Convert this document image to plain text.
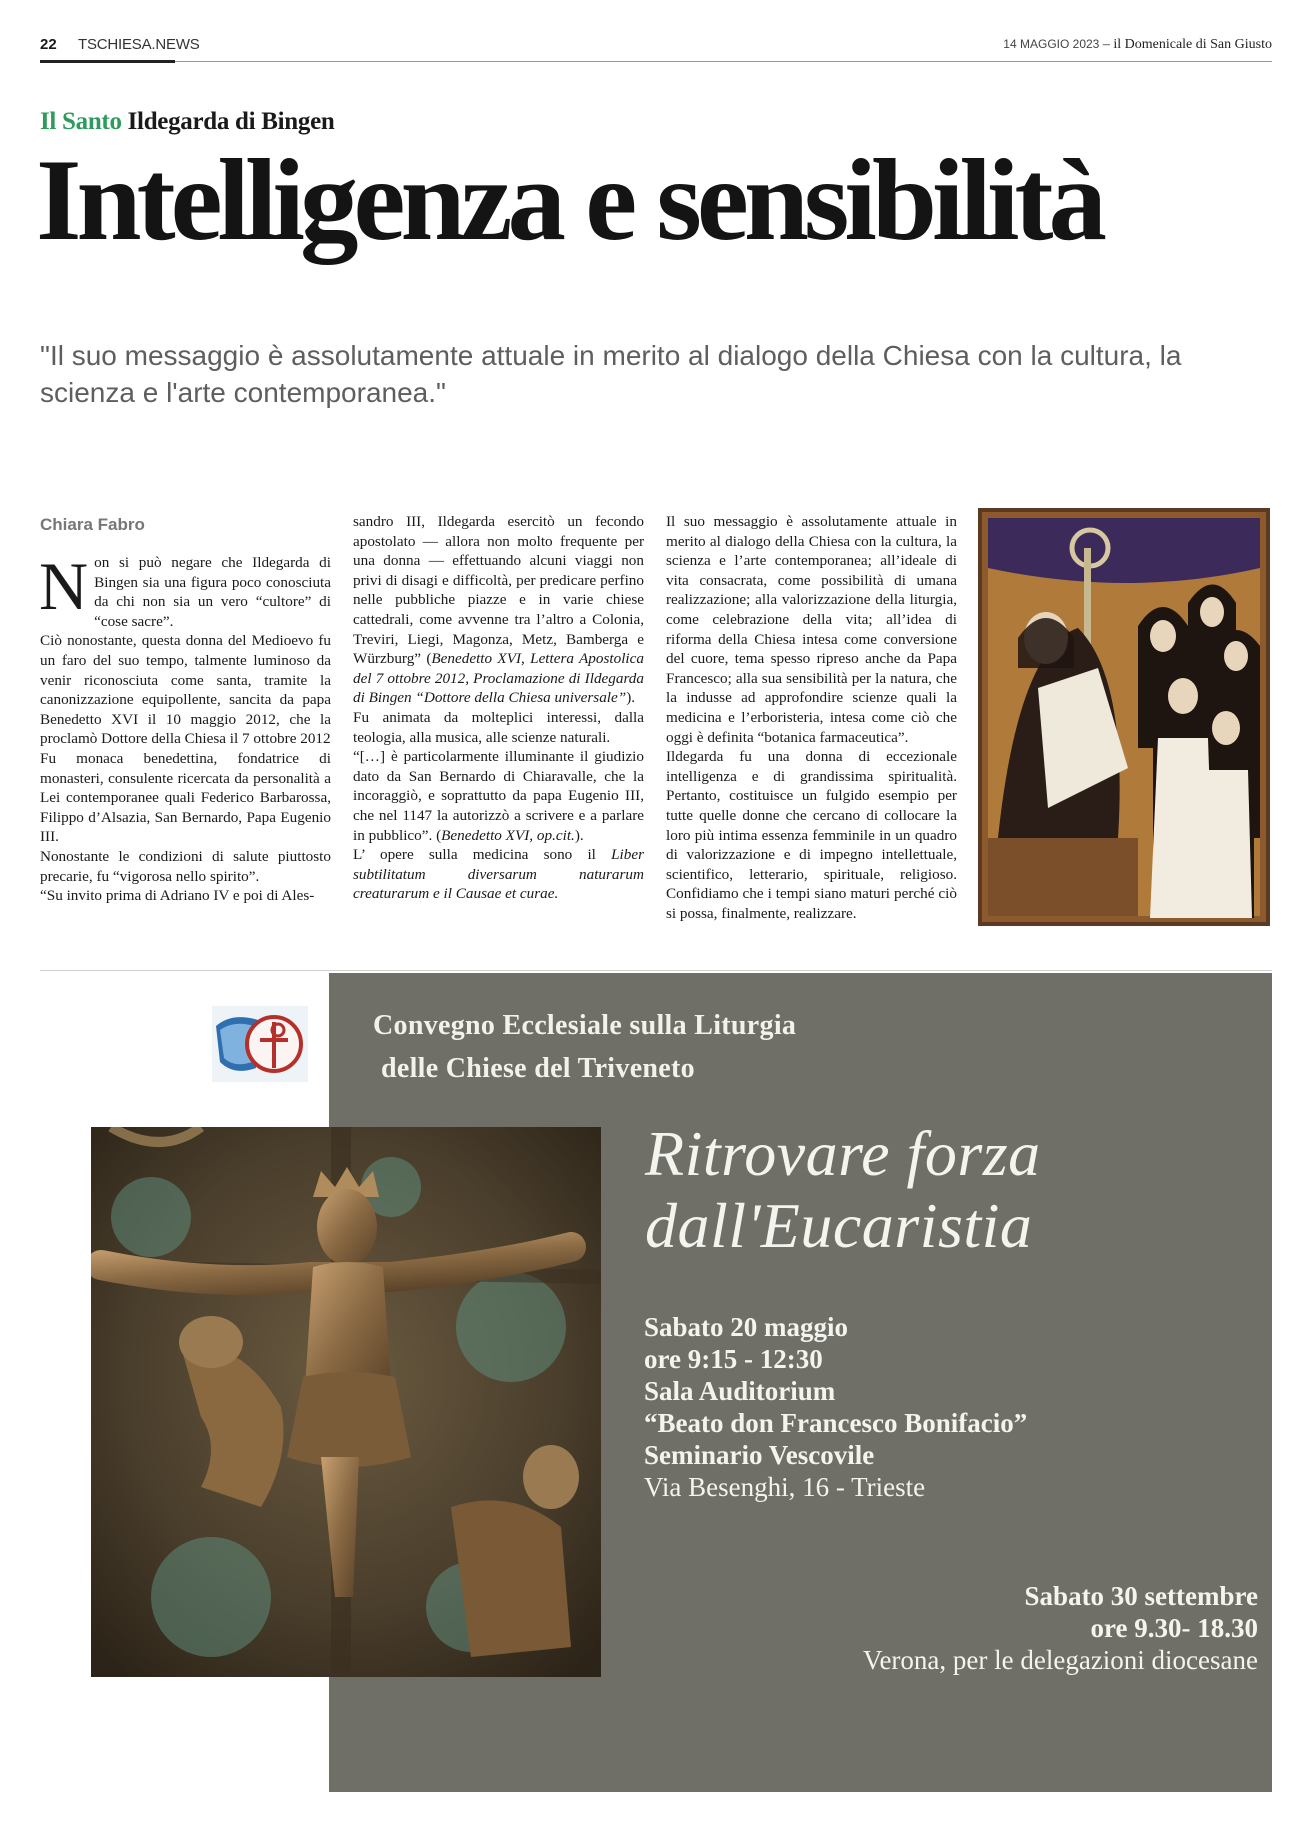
22 TSCHIESA.NEWS	14 MAGGIO 2023 – il Domenicale di San Giusto
Il Santo Ildegarda di Bingen
Intelligenza e sensibilità
"Il suo messaggio è assolutamente attuale in merito al dialogo della Chiesa con la cultura, la scienza e l'arte contemporanea."
Chiara Fabro

Non si può negare che Ildegarda di Bingen sia una figura poco conosciuta da chi non sia un vero “cultore” di “cose sacre”.

Ciò nonostante, questa donna del Medioevo fu un faro del suo tempo, talmente luminoso da venir riconosciuta come santa, tramite la canonizzazione equipollente, sancita da papa Benedetto XVI il 10 maggio 2012, che la proclamò Dottore della Chiesa il 7 ottobre 2012

Fu monaca benedettina, fondatrice di monasteri, consulente ricercata da personalità a Lei contemporanee quali Federico Barbarossa, Filippo d’Alsazia, San Bernardo, Papa Eugenio III.

Nonostante le condizioni di salute piuttosto precarie, fu “vigorosa nello spirito”.

“Su invito prima di Adriano IV e poi di Ales-

sandro III, Ildegarda esercitò un fecondo apostolato — allora non molto frequente per una donna — effettuando alcuni viaggi non privi di disagi e difficoltà, per predicare perfino nelle pubbliche piazze e in varie chiese cattedrali, come avvenne tra l’altro a Colonia, Treviri, Liegi, Magonza, Metz, Bamberga e Würzburg” (Benedetto XVI, Lettera Apostolica del 7 ottobre 2012, Proclamazione di Ildegarda di Bingen “Dottore della Chiesa universale”).

Fu animata da molteplici interessi, dalla teologia, alla musica, alle scienze naturali.

“[…] è particolarmente illuminante il giudizio dato da San Bernardo di Chiaravalle, che la incoraggiò, e soprattutto da papa Eugenio III, che nel 1147 la autorizzò a scrivere e a parlare in pubblico”. (Benedetto XVI, op.cit.).

L’ opere sulla medicina sono il Liber subtilitatum diversarum naturarum creaturarum e il Causae et curae.

Il suo messaggio è assolutamente attuale in merito al dialogo della Chiesa con la cultura, la scienza e l’arte contemporanea; all’ideale di vita consacrata, come possibilità di umana realizzazione; alla valorizzazione della liturgia, come celebrazione della vita; all’idea di riforma della Chiesa intesa come conversione del cuore, tema spesso ripreso anche da Papa Francesco; alla sua sensibilità per la natura, che la indusse ad approfondire scienze quali la medicina e l’erboristeria, intesa come ciò che oggi è definita “botanica farmaceutica”.

Ildegarda fu una donna di eccezionale intelligenza e di grandissima spiritualità. Pertanto, costituisce un fulgido esempio per tutte quelle donne che cercano di collocare la loro più intima essenza femminile in un quadro di valorizzazione e di impegno intellettuale, scientifico, letterario, spirituale, religioso. Confidiamo che i tempi siano maturi perché ciò si possa, finalmente, realizzare.

Convegno Ecclesiale sulla Liturgia
delle Chiese del Triveneto
Ritrovare forza
dall'Eucaristia
Sabato 20 maggio
ore 9:15 - 12:30
Sala Auditorium
“Beato don Francesco Bonifacio”
Seminario Vescovile
Via Besenghi, 16 - Trieste
Sabato 30 settembre
ore 9.30- 18.30
Verona, per le delegazioni diocesane
